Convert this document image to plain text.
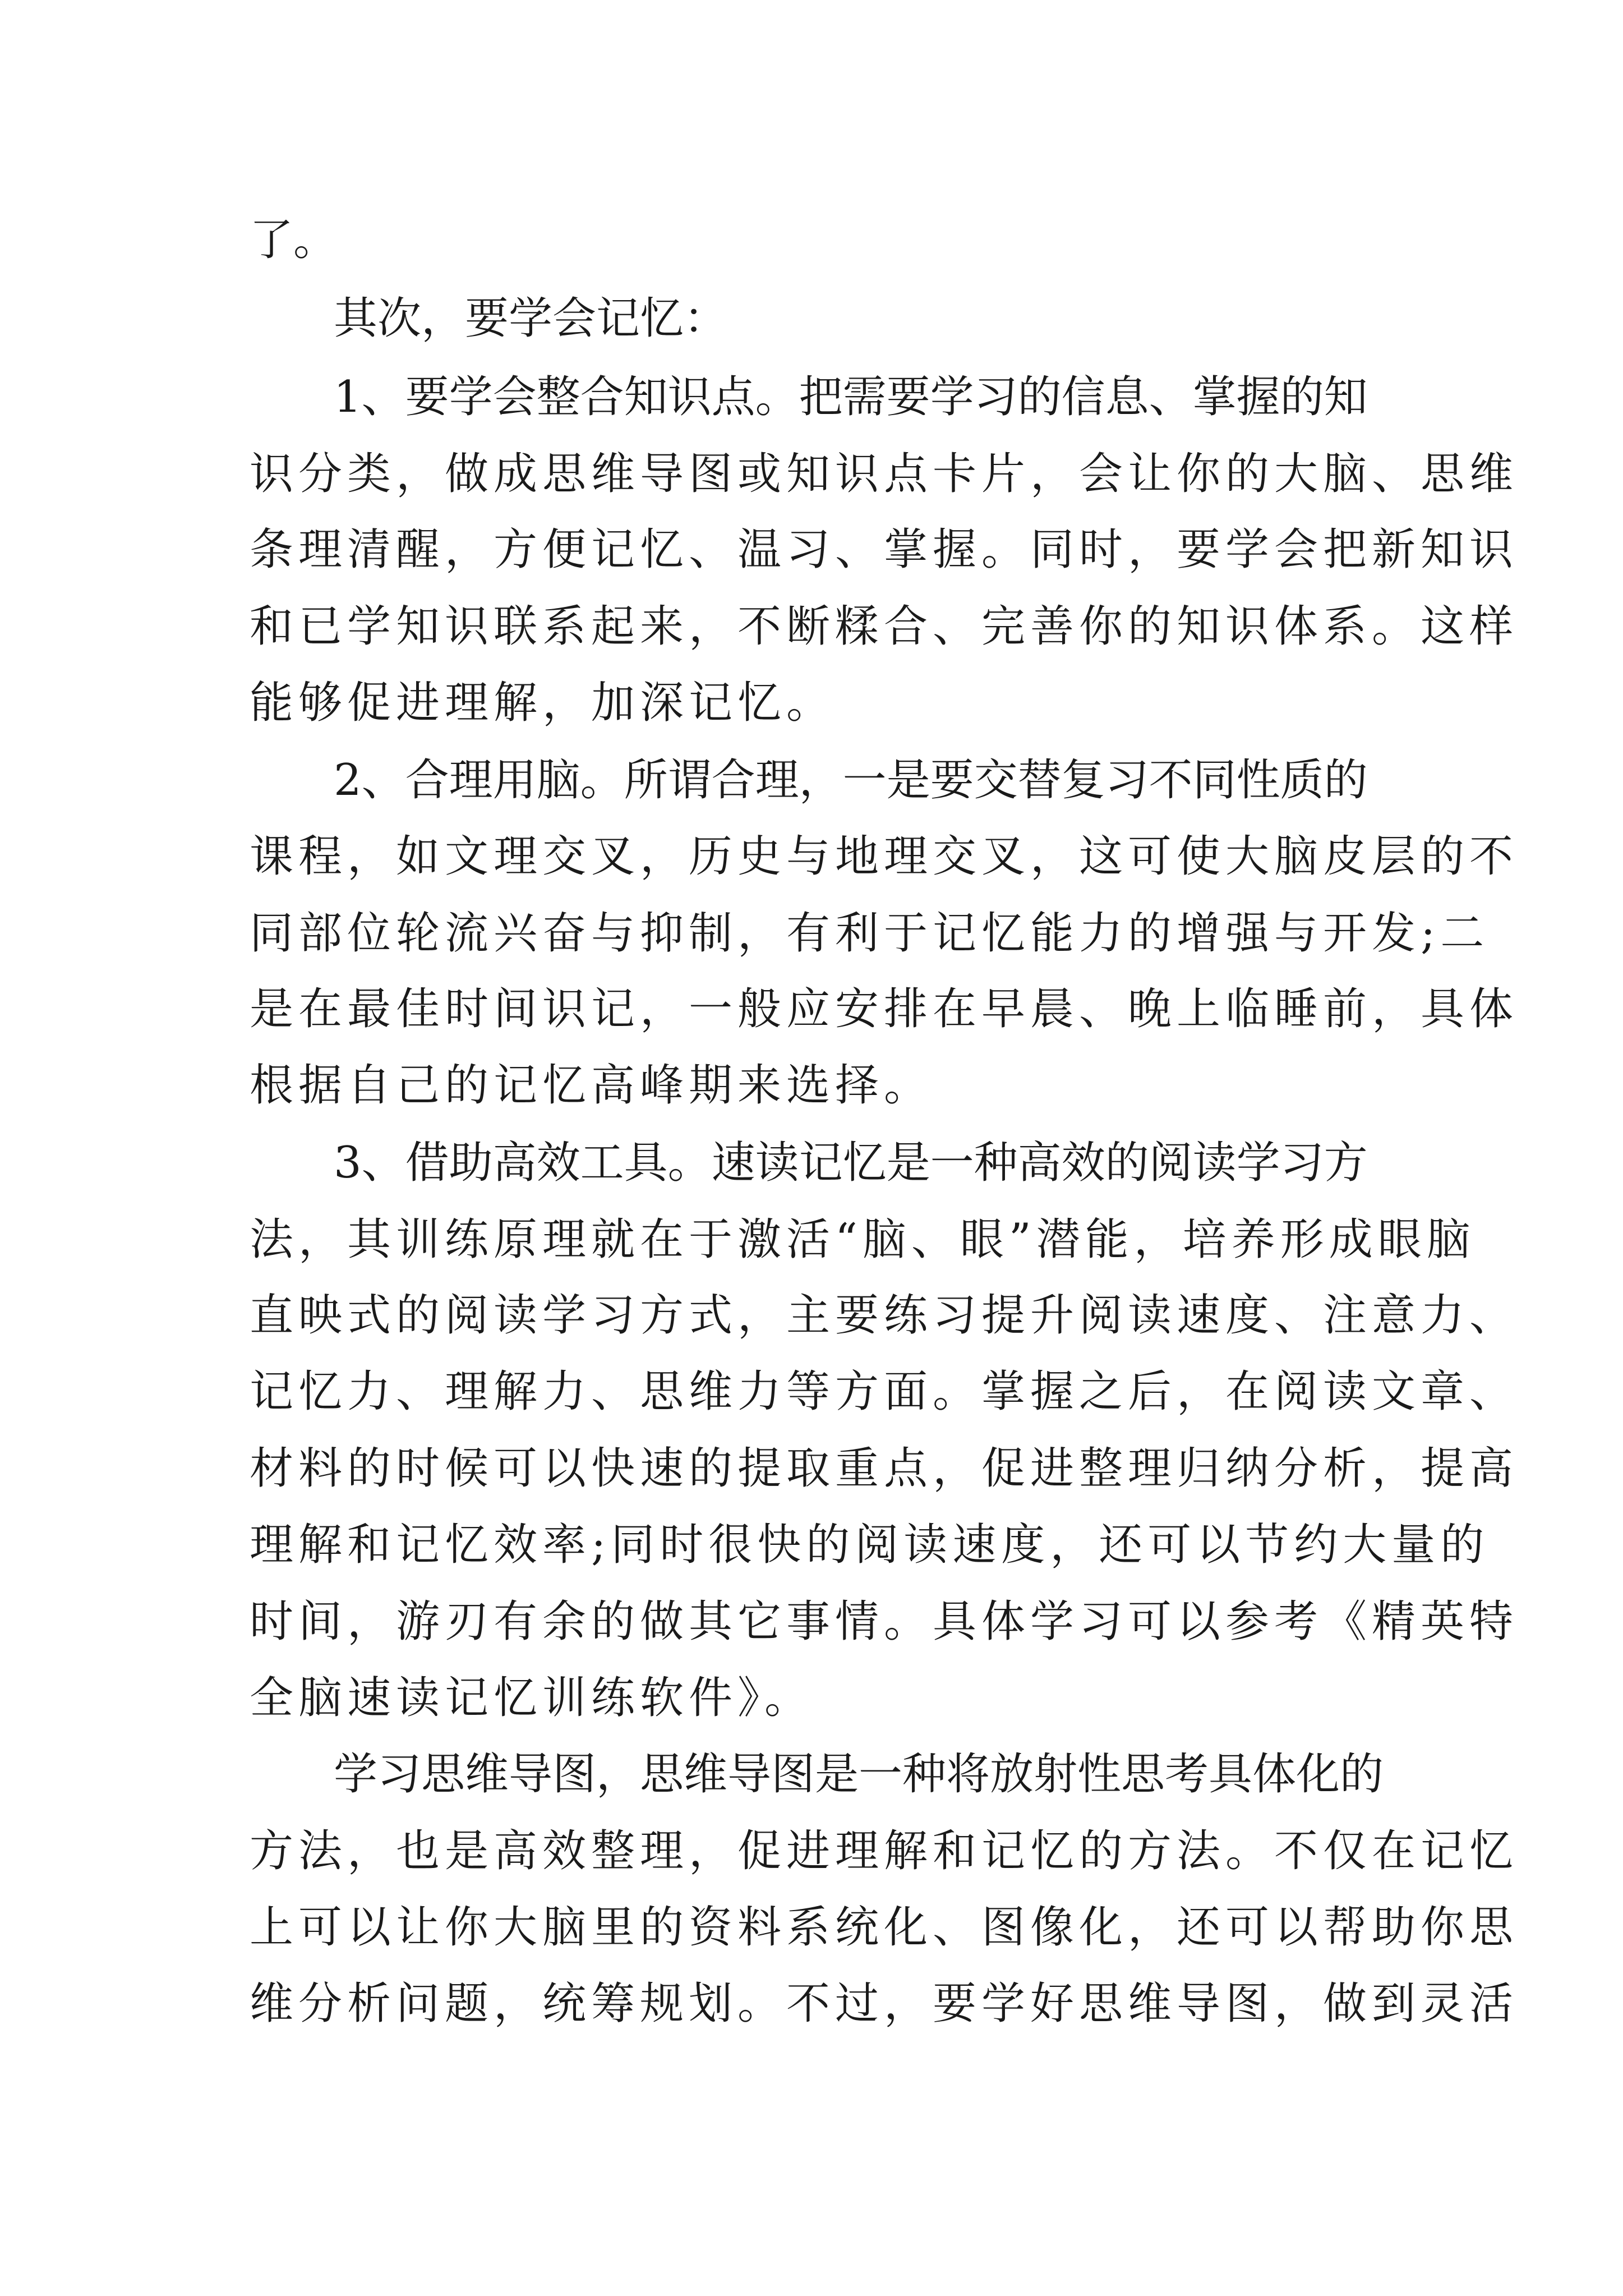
了。
其次，要学会记忆：
1、要学会整合知识点。把需要学习的信息、掌握的知
识分类，做成思维导图或知识点卡片，会让你的大脑、思维
条理清醒，方便记忆、温习、掌握。同时，要学会把新知识
和已学知识联系起来，不断糅合、完善你的知识体系。这样
能够促进理解，加深记忆。
2、合理用脑。所谓合理，一是要交替复习不同性质的
课程，如文理交叉，历史与地理交叉，这可使大脑皮层的不
同部位轮流兴奋与抑制，有利于记忆能力的增强与开发;二
是在最佳时间识记，一般应安排在早晨、晚上临睡前，具体
根据自己的记忆高峰期来选择。
3、借助高效工具。速读记忆是一种高效的阅读学习方
法，其训练原理就在于激活“脑、眼”潜能，培养形成眼脑
直映式的阅读学习方式，主要练习提升阅读速度、注意力、
记忆力、理解力、思维力等方面。掌握之后，在阅读文章、
材料的时候可以快速的提取重点，促进整理归纳分析，提高
理解和记忆效率;同时很快的阅读速度，还可以节约大量的
时间，游刃有余的做其它事情。具体学习可以参考《精英特
全脑速读记忆训练软件》。
学习思维导图，思维导图是一种将放射性思考具体化的
方法，也是高效整理，促进理解和记忆的方法。不仅在记忆
上可以让你大脑里的资料系统化、图像化，还可以帮助你思
维分析问题，统筹规划。不过，要学好思维导图，做到灵活
